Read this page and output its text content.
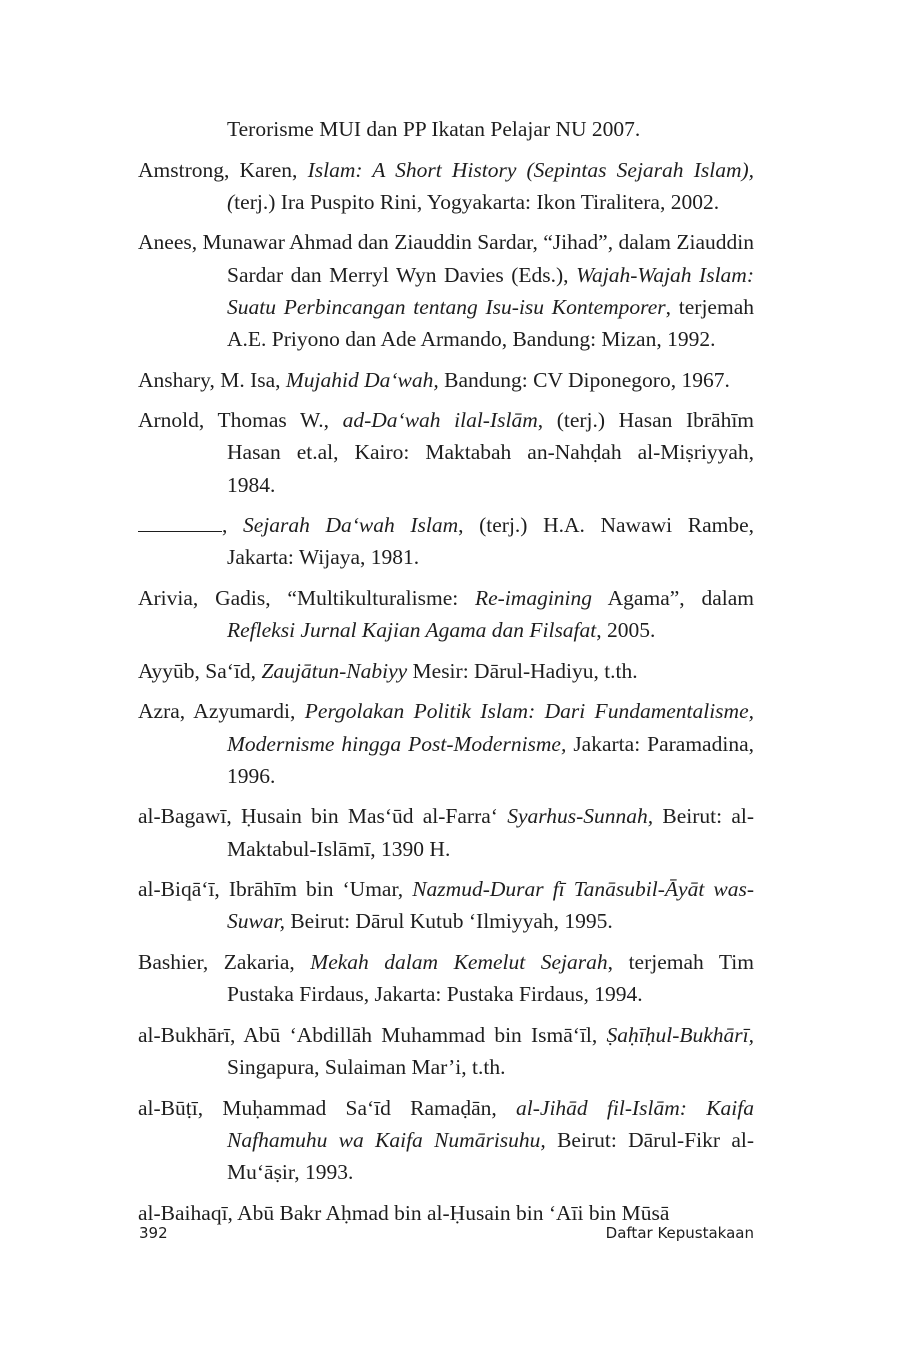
Terorisme MUI dan PP Ikatan Pelajar NU 2007.

Amstrong, Karen, Islam: A Short History (Sepintas Sejarah Islam), (terj.) Ira Puspito Rini, Yogyakarta: Ikon Tiralitera, 2002.

Anees, Munawar Ahmad dan Ziauddin Sardar, “Jihad”, dalam Ziauddin Sardar dan Merryl Wyn Davies (Eds.), Wajah-Wajah Islam: Suatu Perbincangan tentang Isu-isu Kontemporer, terjemah A.E. Priyono dan Ade Armando, Bandung: Mizan, 1992.

Anshary, M. Isa, Mujahid Da‘wah, Bandung: CV Diponegoro, 1967.

Arnold, Thomas W., ad-Da‘wah ilal-Islām, (terj.) Hasan Ibrāhīm Hasan et.al, Kairo: Maktabah an-Nahḍah al-Miṣriyyah, 1984.

, Sejarah Da‘wah Islam, (terj.) H.A. Nawawi Rambe, Jakarta: Wijaya, 1981.

Arivia, Gadis, “Multikulturalisme: Re-imagining Agama”, dalam Refleksi Jurnal Kajian Agama dan Filsafat, 2005.

Ayyūb, Sa‘īd, Zaujātun-Nabiyy Mesir: Dārul-Hadiyu, t.th.

Azra, Azyumardi, Pergolakan Politik Islam: Dari Fundamentalisme, Modernisme hingga Post-Modernisme, Jakarta: Paramadina, 1996.

al-Bagawī, Ḥusain bin Mas‘ūd al-Farra‘ Syarhus-Sunnah, Beirut: al-Maktabul-Islāmī, 1390 H.

al-Biqā‘ī, Ibrāhīm bin ‘Umar, Nazmud-Durar fī Tanāsubil-Āyāt was-Suwar, Beirut: Dārul Kutub ‘Ilmiyyah, 1995.

Bashier, Zakaria, Mekah dalam Kemelut Sejarah, terjemah Tim Pustaka Firdaus, Jakarta: Pustaka Firdaus, 1994.

al-Bukhārī, Abū ‘Abdillāh Muhammad bin Ismā‘īl, Ṣaḥīḥul-Bukhārī, Singapura, Sulaiman Mar’i, t.th.

al-Būṭī, Muḥammad Sa‘īd Ramaḍān, al-Jihād fil-Islām: Kaifa Nafhamuhu wa Kaifa Numārisuhu, Beirut: Dārul-Fikr al-Mu‘āṣir, 1993.

al-Baihaqī, Abū Bakr Aḥmad bin al-Ḥusain bin ‘Aīi bin Mūsā

392	Daftar Kepustakaan
